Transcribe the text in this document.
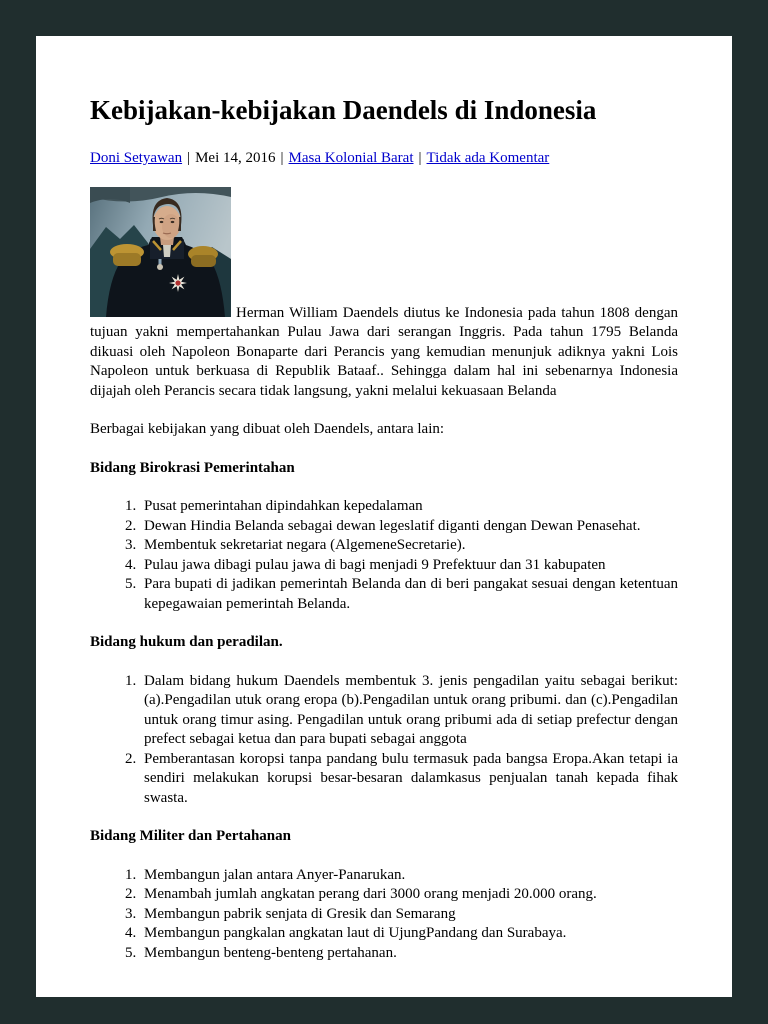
Kebijakan-kebijakan Daendels di Indonesia
Doni Setyawan | Mei 14, 2016 | Masa Kolonial Barat | Tidak ada Komentar

Herman William Daendels diutus ke Indonesia pada tahun 1808 dengan tujuan yakni mempertahankan Pulau Jawa dari serangan Inggris. Pada tahun 1795 Belanda dikuasi oleh Napoleon Bonaparte dari Perancis yang kemudian menunjuk adiknya yakni Lois Napoleon untuk berkuasa di Republik Bataaf.. Sehingga dalam hal ini sebenarnya Indonesia dijajah oleh Perancis secara tidak langsung, yakni melalui kekuasaan Belanda

Berbagai kebijakan yang dibuat oleh Daendels, antara lain:

Bidang Birokrasi Pemerintahan
1. Pusat pemerintahan dipindahkan kepedalaman
2. Dewan Hindia Belanda sebagai dewan legeslatif diganti dengan Dewan Penasehat.
3. Membentuk sekretariat negara (AlgemeneSecretarie).
4. Pulau jawa dibagi pulau jawa di bagi menjadi 9 Prefektuur dan 31 kabupaten
5. Para bupati di jadikan pemerintah Belanda dan di beri pangakat sesuai dengan ketentuan kepegawaian pemerintah Belanda.
Bidang hukum dan peradilan.
1. Dalam bidang hukum Daendels membentuk 3. jenis pengadilan yaitu sebagai berikut: (a).Pengadilan utuk orang eropa (b).Pengadilan untuk orang pribumi. dan (c).Pengadilan untuk orang timur asing. Pengadilan untuk orang pribumi ada di setiap prefectur dengan prefect sebagai ketua dan para bupati sebagai anggota
2. Pemberantasan koropsi tanpa pandang bulu termasuk pada bangsa Eropa.Akan tetapi ia sendiri melakukan korupsi besar-besaran dalamkasus penjualan tanah kepada fihak swasta.
Bidang Militer dan Pertahanan
1. Membangun jalan antara Anyer-Panarukan.
2. Menambah jumlah angkatan perang dari 3000 orang menjadi 20.000 orang.
3. Membangun pabrik senjata di Gresik dan Semarang
4. Membangun pangkalan angkatan laut di UjungPandang dan Surabaya.
5. Membangun benteng-benteng pertahanan.
